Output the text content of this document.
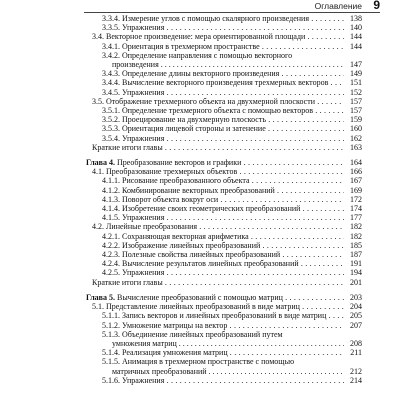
Оглавление 9
3.3.4. Измерение углов с помощью скалярного произведения . . .	138
3.3.5. Упражнения . . .	140
3.4. Векторное произведение: мера ориентированной площади . . .	144
3.4.1. Ориентация в трехмерном пространстве . . .	144
3.4.2. Определение направления с помощью векторного
произведения . . .	147
3.4.3. Определение длины векторного произведения . . .	149
3.4.4. Вычисление векторного произведения трехмерных векторов . . .	151
3.4.5. Упражнения . . .	152
3.5. Отображение трехмерного объекта на двухмерной плоскости . . .	157
3.5.1. Определение трехмерного объекта с помощью векторов . . .	157
3.5.2. Проецирование на двухмерную плоскость . . .	159
3.5.3. Ориентация лицевой стороны и затенение . . .	160
3.5.4. Упражнения . . .	162
Краткие итоги главы . . .	163
Глава 4. Преобразование векторов и графики . . .	164
4.1. Преобразование трехмерных объектов . . .	166
4.1.1. Рисование преобразованного объекта . . .	167
4.1.2. Комбинирование векторных преобразований . . .	169
4.1.3. Поворот объекта вокруг оси . . .	172
4.1.4. Изобретение своих геометрических преобразований . . .	174
4.1.5. Упражнения . . .	177
4.2. Линейные преобразования . . .	182
4.2.1. Сохраняющая векторная арифметика . . .	182
4.2.2. Изображение линейных преобразований . . .	185
4.2.3. Полезные свойства линейных преобразований . . .	187
4.2.4. Вычисление результатов линейных преобразований . . .	191
4.2.5. Упражнения . . .	194
Краткие итоги главы . . .	201
Глава 5. Вычисление преобразований с помощью матриц . . .	203
5.1. Представление линейных преобразований в виде матриц . . .	204
5.1.1. Запись векторов и линейных преобразований в виде матриц . . .	205
5.1.2. Умножение матрицы на вектор . . .	207
5.1.3. Объединение линейных преобразований путем
умножения матриц . . .	208
5.1.4. Реализация умножения матриц . . .	211
5.1.5. Анимация в трехмерном пространстве с помощью
матричных преобразований . . .	212
5.1.6. Упражнения . . .	214
